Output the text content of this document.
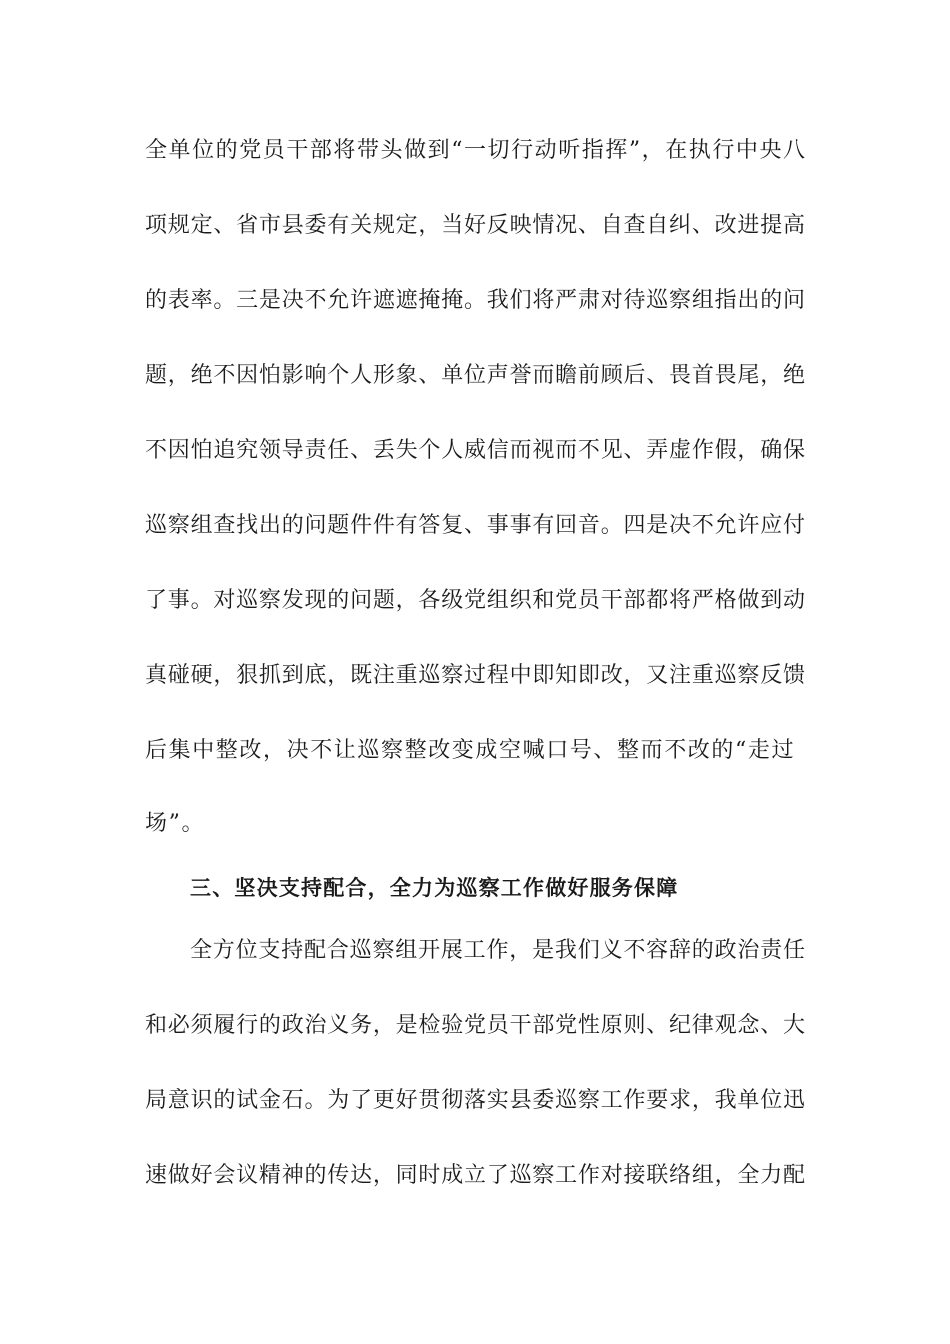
全单位的党员干部将带头做到“一切行动听指挥”，在执行中央八
项规定、省市县委有关规定，当好反映情况、自查自纠、改进提高
的表率。三是决不允许遮遮掩掩。我们将严肃对待巡察组指出的问
题，绝不因怕影响个人形象、单位声誉而瞻前顾后、畏首畏尾，绝
不因怕追究领导责任、丢失个人威信而视而不见、弄虚作假，确保
巡察组查找出的问题件件有答复、事事有回音。四是决不允许应付
了事。对巡察发现的问题，各级党组织和党员干部都将严格做到动
真碰硬，狠抓到底，既注重巡察过程中即知即改，又注重巡察反馈
后集中整改，决不让巡察整改变成空喊口号、整而不改的“走过
场”。
三、坚决支持配合，全力为巡察工作做好服务保障
全方位支持配合巡察组开展工作，是我们义不容辞的政治责任
和必须履行的政治义务，是检验党员干部党性原则、纪律观念、大
局意识的试金石。为了更好贯彻落实县委巡察工作要求，我单位迅
速做好会议精神的传达，同时成立了巡察工作对接联络组，全力配
